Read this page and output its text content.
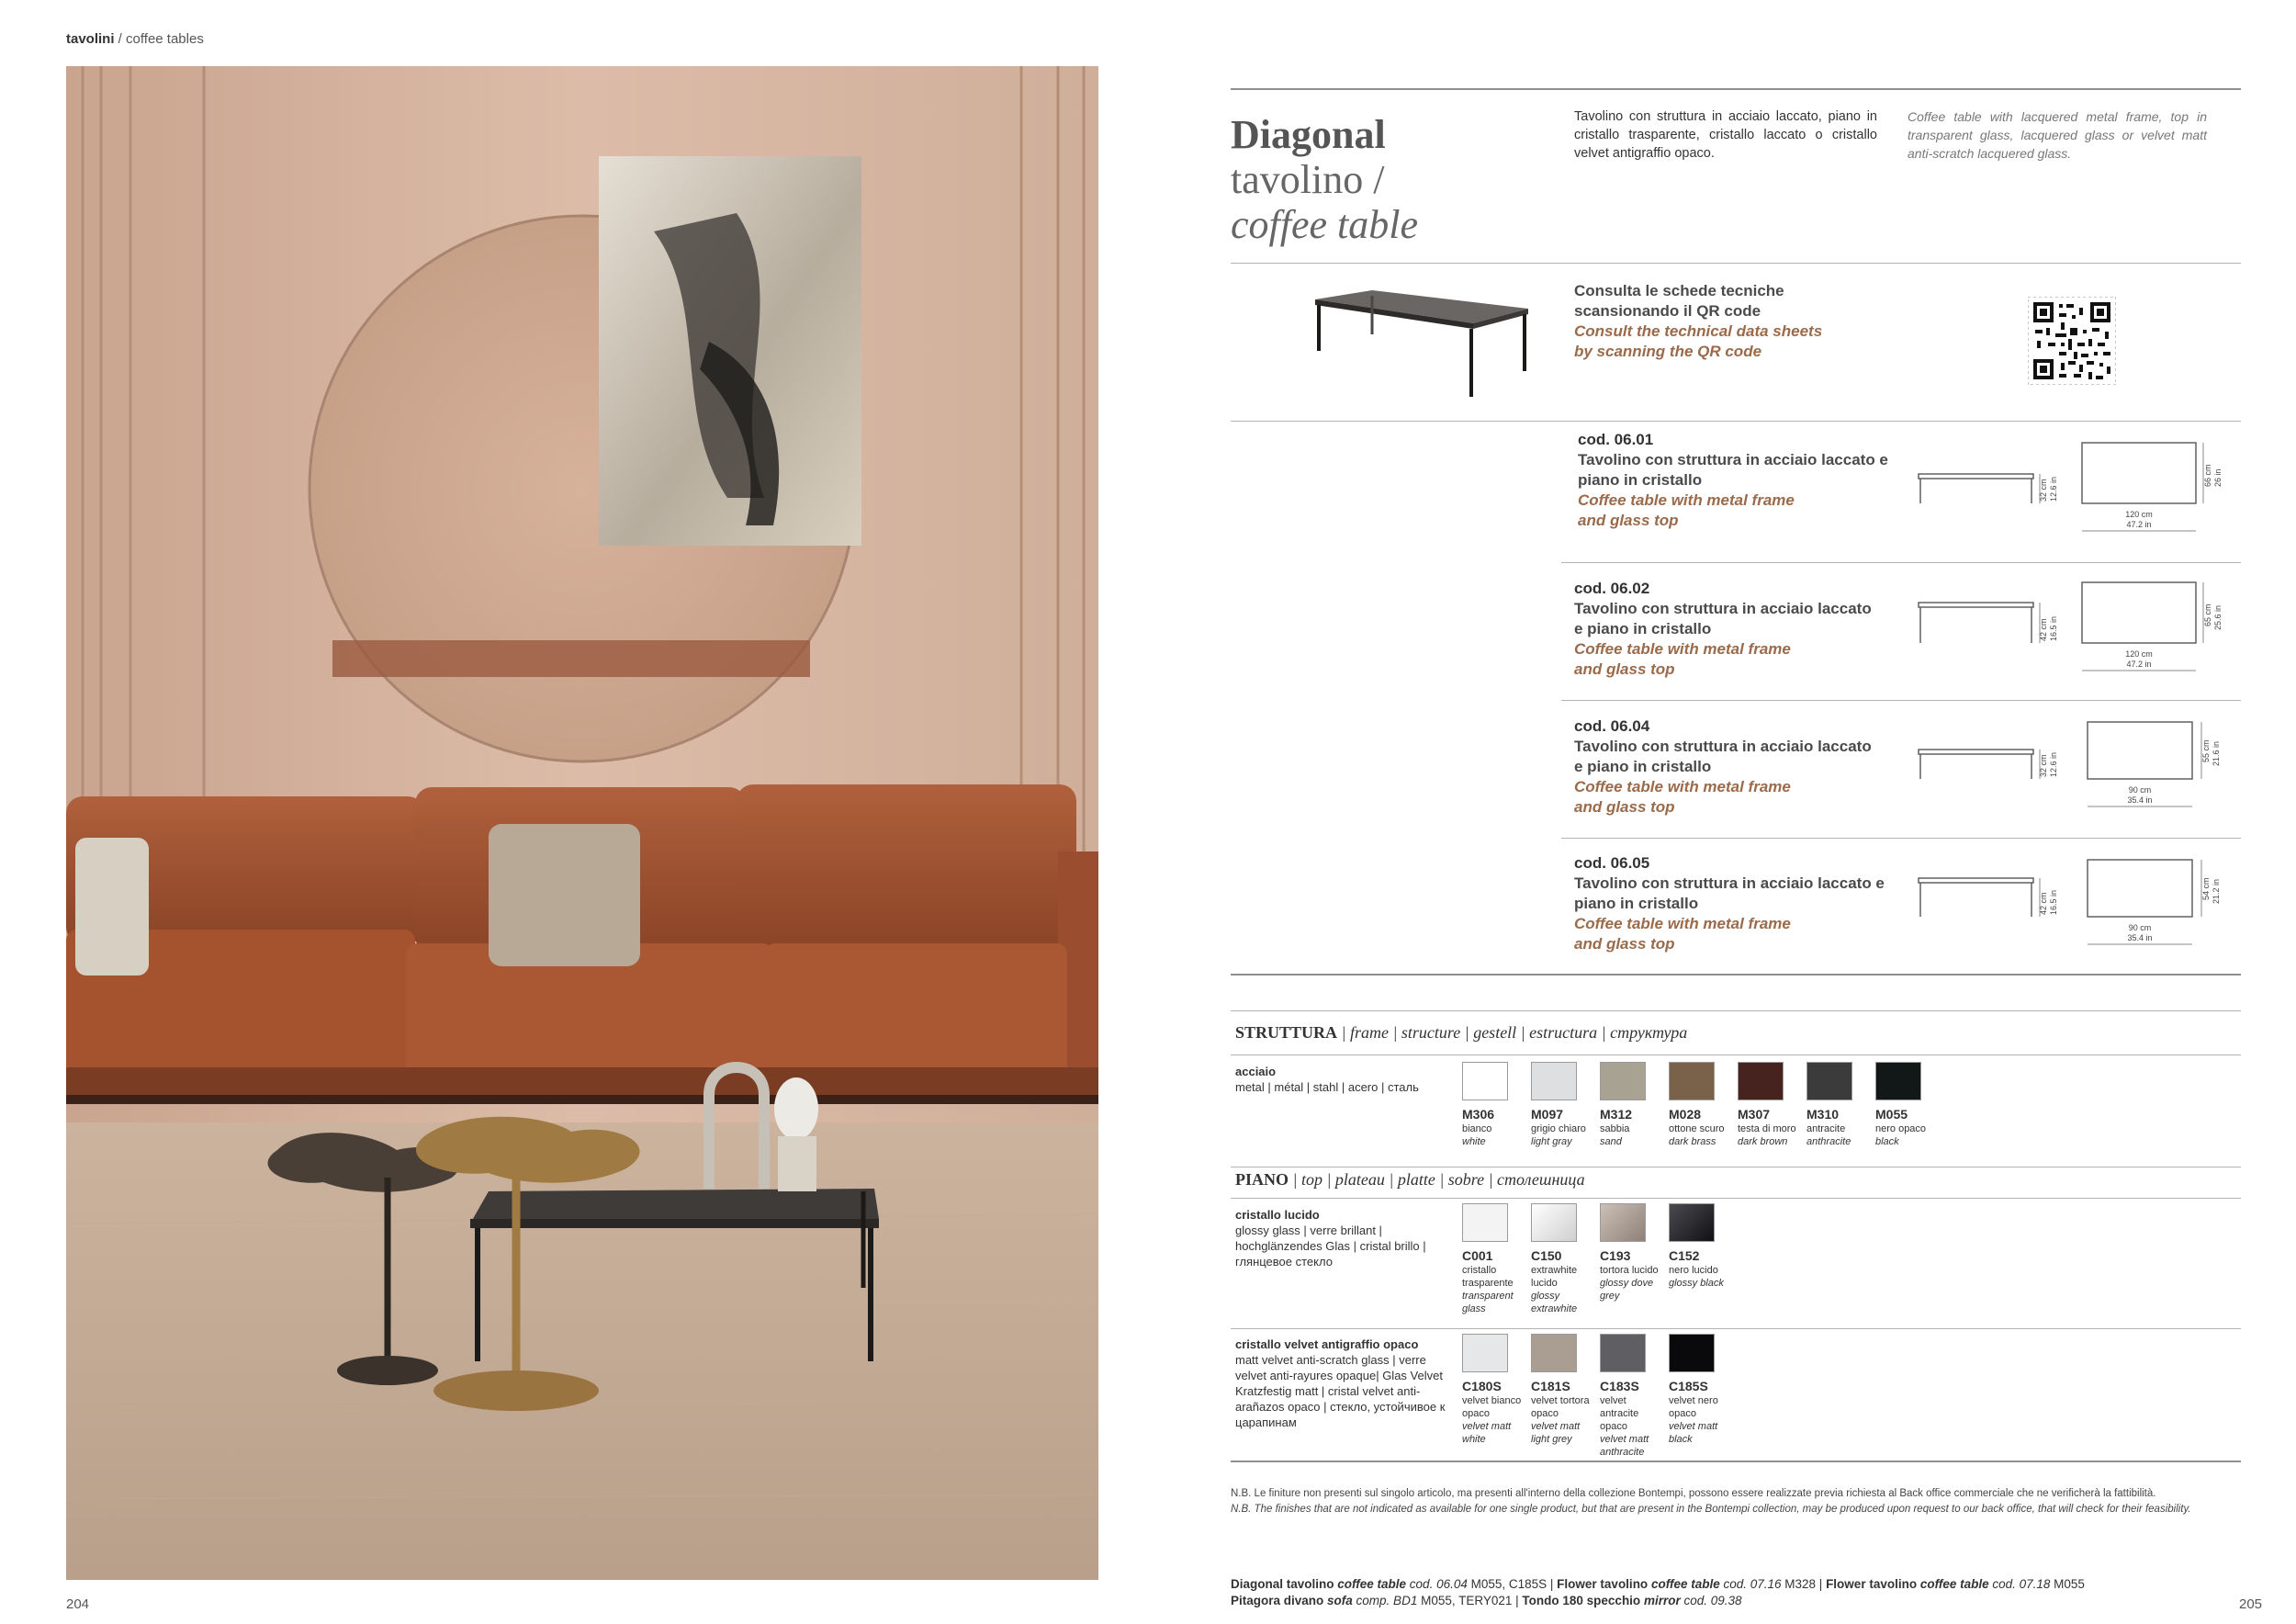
tavolini / coffee tables
Diagonal
tavolino /
coffee table
Tavolino con struttura in acciaio laccato, piano in cristallo trasparente, cristallo laccato o cristallo velvet antigraffio opaco.
Coffee table with lacquered metal frame, top in transparent glass, lacquered glass or velvet matt anti-scratch lacquered glass.
Consulta le schede tecniche
scansionando il QR code
Consult the technical data sheets
by scanning the QR code
cod. 06.01
Tavolino con struttura in acciaio laccato e
piano in cristallo
Coffee table with metal frame
and glass top
32 cm 12.6 in
66 cm 26 in
120 cm
47.2 in
cod. 06.02
Tavolino con struttura in acciaio laccato
e piano in cristallo
Coffee table with metal frame
and glass top
42 cm 16.5 in
65 cm 25.6 in
120 cm
47.2 in
cod. 06.04
Tavolino con struttura in acciaio laccato
e piano in cristallo
Coffee table with metal frame
and glass top
32 cm 12.6 in
55 cm 21.6 in
90 cm
35.4 in
cod. 06.05
Tavolino con struttura in acciaio laccato e
piano in cristallo
Coffee table with metal frame
and glass top
42 cm 16.5 in
54 cm 21.2 in
90 cm
35.4 in
STRUTTURA | frame | structure | gestell | estructura | структура
acciaio
metal | métal | stahl | acero | сталь
M306
bianco
white
M097
grigio chiaro
light gray
M312
sabbia
sand
M028
ottone scuro
dark brass
M307
testa di moro
dark brown
M310
antracite
anthracite
M055
nero opaco
black
PIANO | top | plateau | platte | sobre | столешница
cristallo lucido
glossy glass | verre brillant |
hochglänzendes Glas | cristal brillo |
глянцевое стекло	C001
cristallo
trasparente
transparent
glass
C150
extrawhite
lucido
glossy
extrawhite
C193
tortora lucido
glossy dove grey
C152
nero lucido
glossy black
cristallo velvet antigraffio opaco
matt velvet anti-scratch glass | verre
velvet anti-rayures opaque| Glas Velvet
Kratzfestig matt | cristal velvet anti-
arañazos opaco | стекло, устойчивое к
царапинам
C180S
velvet bianco
opaco
velvet matt
white
C181S
velvet tortora
opaco
velvet matt
light grey
C183S
velvet antracite
opaco
velvet matt
anthracite
C185S
velvet nero
opaco
velvet matt
black
N.B. Le finiture non presenti sul singolo articolo, ma presenti all'interno della collezione Bontempi, possono essere realizzate previa richiesta al Back office commerciale che ne verificherà la fattibilità.
N.B. The finishes that are not indicated as available for one single product, but that are present in the Bontempi collection, may be produced upon request to our back office, that will check for their feasibility.
Diagonal tavolino coffee table cod. 06.04 M055, C185S | Flower tavolino coffee table cod. 07.16 M328 | Flower tavolino coffee table cod. 07.18 M055
Pitagora divano sofa comp. BD1 M055, TERY021 | Tondo 180 specchio mirror cod. 09.38
204	205
